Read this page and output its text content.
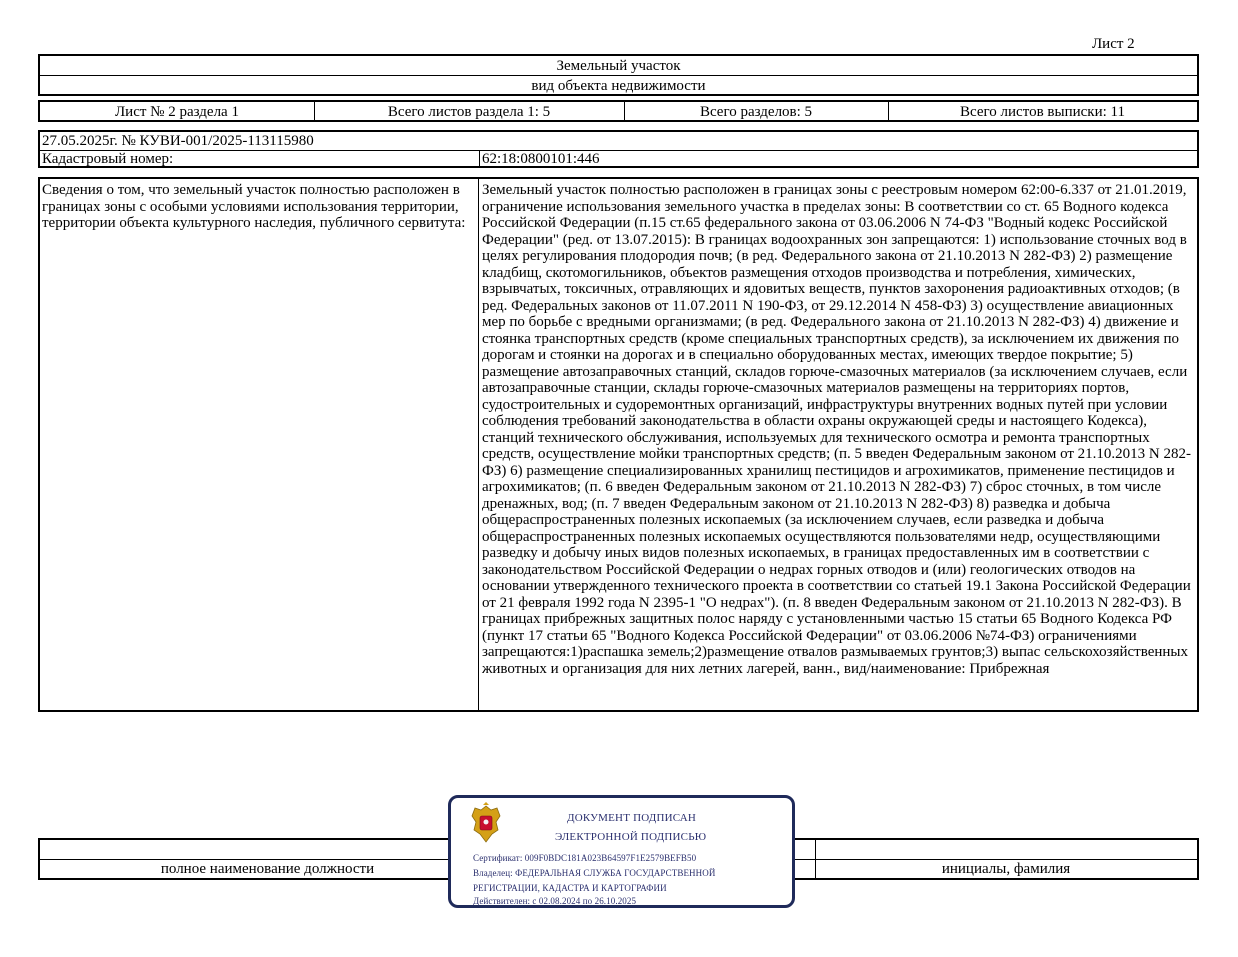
Лист 2
Земельный участок
вид объекта недвижимости
Лист № 2 раздела 1	Всего листов раздела 1: 5	Всего разделов: 5	Всего листов выписки: 11
27.05.2025г. № КУВИ-001/2025-113115980
Кадастровый номер:	62:18:0800101:446
Сведения о том, что земельный участок полностью расположен в границах зоны с особыми условиями использования территории, территории объекта культурного наследия, публичного сервитута:
Земельный участок полностью расположен в границах зоны с реестровым номером 62:00-6.337 от 21.01.2019, ограничение использования земельного участка в пределах зоны: В соответствии со ст. 65 Водного кодекса Российской Федерации (п.15 ст.65 федерального закона от 03.06.2006 N 74-ФЗ "Водный кодекс Российской Федерации" (ред. от 13.07.2015): В границах водоохранных зон запрещаются: 1) использование сточных вод в целях регулирования плодородия почв; (в ред. Федерального закона от 21.10.2013 N 282-ФЗ) 2) размещение кладбищ, скотомогильников, объектов размещения отходов производства и потребления, химических, взрывчатых, токсичных, отравляющих и ядовитых веществ, пунктов захоронения радиоактивных отходов; (в ред. Федеральных законов от 11.07.2011 N 190-ФЗ, от 29.12.2014 N 458-ФЗ) 3) осуществление авиационных мер по борьбе с вредными организмами; (в ред. Федерального закона от 21.10.2013 N 282-ФЗ) 4) движение и стоянка транспортных средств (кроме специальных транспортных средств), за исключением их движения по дорогам и стоянки на дорогах и в специально оборудованных местах, имеющих твердое покрытие; 5) размещение автозаправочных станций, складов горюче-смазочных материалов (за исключением случаев, если автозаправочные станции, склады горюче-смазочных материалов размещены на территориях портов, судостроительных и судоремонтных организаций, инфраструктуры внутренних водных путей при условии соблюдения требований законодательства в области охраны окружающей среды и настоящего Кодекса), станций технического обслуживания, используемых для технического осмотра и ремонта транспортных средств, осуществление мойки транспортных средств; (п. 5 введен Федеральным законом от 21.10.2013 N 282-ФЗ) 6) размещение специализированных хранилищ пестицидов и агрохимикатов, применение пестицидов и агрохимикатов; (п. 6 введен Федеральным законом от 21.10.2013 N 282-ФЗ) 7) сброс сточных, в том числе дренажных, вод; (п. 7 введен Федеральным законом от 21.10.2013 N 282-ФЗ) 8) разведка и добыча общераспространенных полезных ископаемых (за исключением случаев, если разведка и добыча общераспространенных полезных ископаемых осуществляются пользователями недр, осуществляющими разведку и добычу иных видов полезных ископаемых, в границах предоставленных им в соответствии с законодательством Российской Федерации о недрах горных отводов и (или) геологических отводов на основании утвержденного технического проекта в соответствии со статьей 19.1 Закона Российской Федерации от 21 февраля 1992 года N 2395-1 "О недрах"). (п. 8 введен Федеральным законом от 21.10.2013 N 282-ФЗ). В границах прибрежных защитных полос наряду с установленными частью 15 статьи 65 Водного Кодекса РФ (пункт 17 статьи 65 "Водного Кодекса Российской Федерации" от 03.06.2006 №74-ФЗ) ограничениями запрещаются:1)распашка земель;2)размещение отвалов размываемых грунтов;3) выпас сельскохозяйственных животных и организация для них летних лагерей, ванн., вид/наименование: Прибрежная
полное наименование должности	инициалы, фамилия
ДОКУМЕНТ ПОДПИСАН
ЭЛЕКТРОННОЙ ПОДПИСЬЮ
Сертификат: 009F0BDC181A023B64597F1E2579BEFB50
Владелец: ФЕДЕРАЛЬНАЯ СЛУЖБА ГОСУДАРСТВЕННОЙ
РЕГИСТРАЦИИ, КАДАСТРА И КАРТОГРАФИИ
Действителен: с 02.08.2024 по 26.10.2025
